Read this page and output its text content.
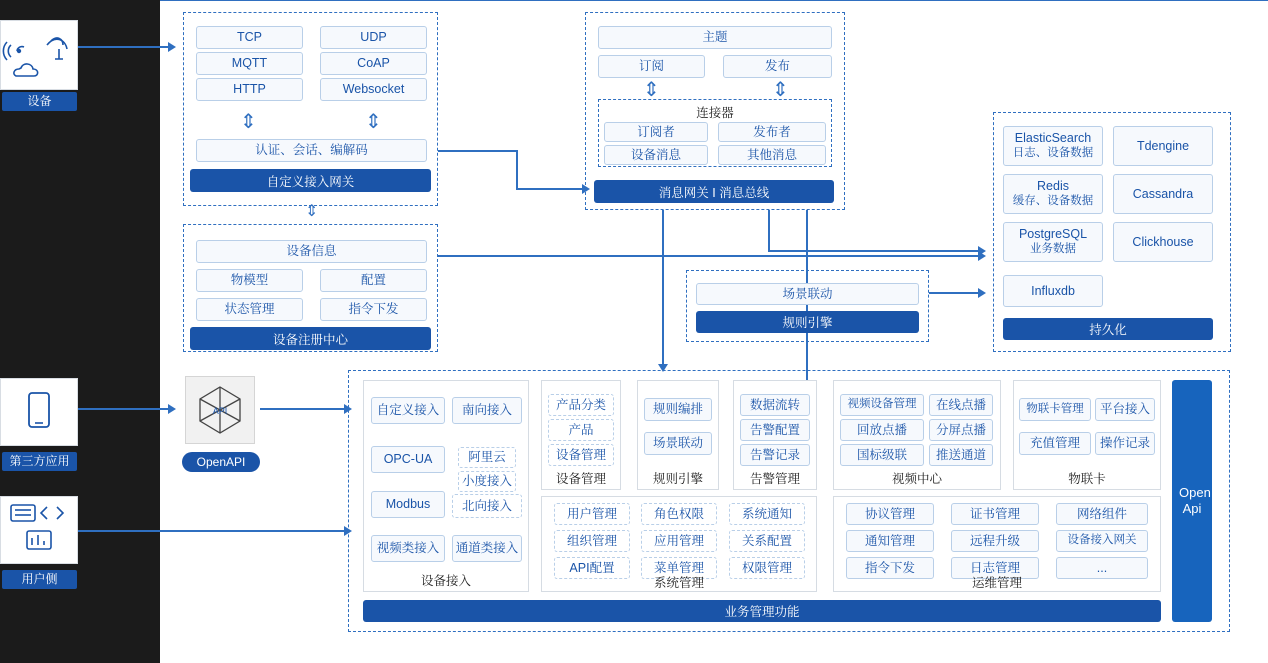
设备
第三方应用
用户侧
TCP	UDP
MQTT	CoAP
HTTP	Websocket
⇕	⇕
认证、会话、编解码
自定义接入网关
主题
订阅	发布
⇕	⇕
连接器
订阅者	发布者
设备消息	其他消息
消息网关 I 消息总线
设备信息
物模型	配置
状态管理	指令下发
设备注册中心
⇕
场景联动
规则引擎
ElasticSearch
日志、设备数据
Tdengine
Redis
缓存、设备数据
Cassandra
PostgreSQL
业务数据
Clickhouse
Influxdb
持久化
API
OpenAPI
Open Api
自定义接入	南向接入
OPC-UA	阿里云
Modbus
小度接入
北向接入
视频类接入	通道类接入
设备接入
产品分类
产品
设备管理
设备管理
规则编排
场景联动
规则引擎
数据流转
告警配置
告警记录
告警管理
视频设备管理	在线点播
回放点播	分屏点播
国标级联	推送通道
视频中心
物联卡管理	平台接入
充值管理	操作记录
物联卡
用户管理	角色权限	系统通知
组织管理	应用管理	关系配置
API配置	菜单管理	权限管理
系统管理
协议管理	证书管理	网络组件
通知管理	远程升级	设备接入网关
指令下发	日志管理	...
运维管理
业务管理功能
